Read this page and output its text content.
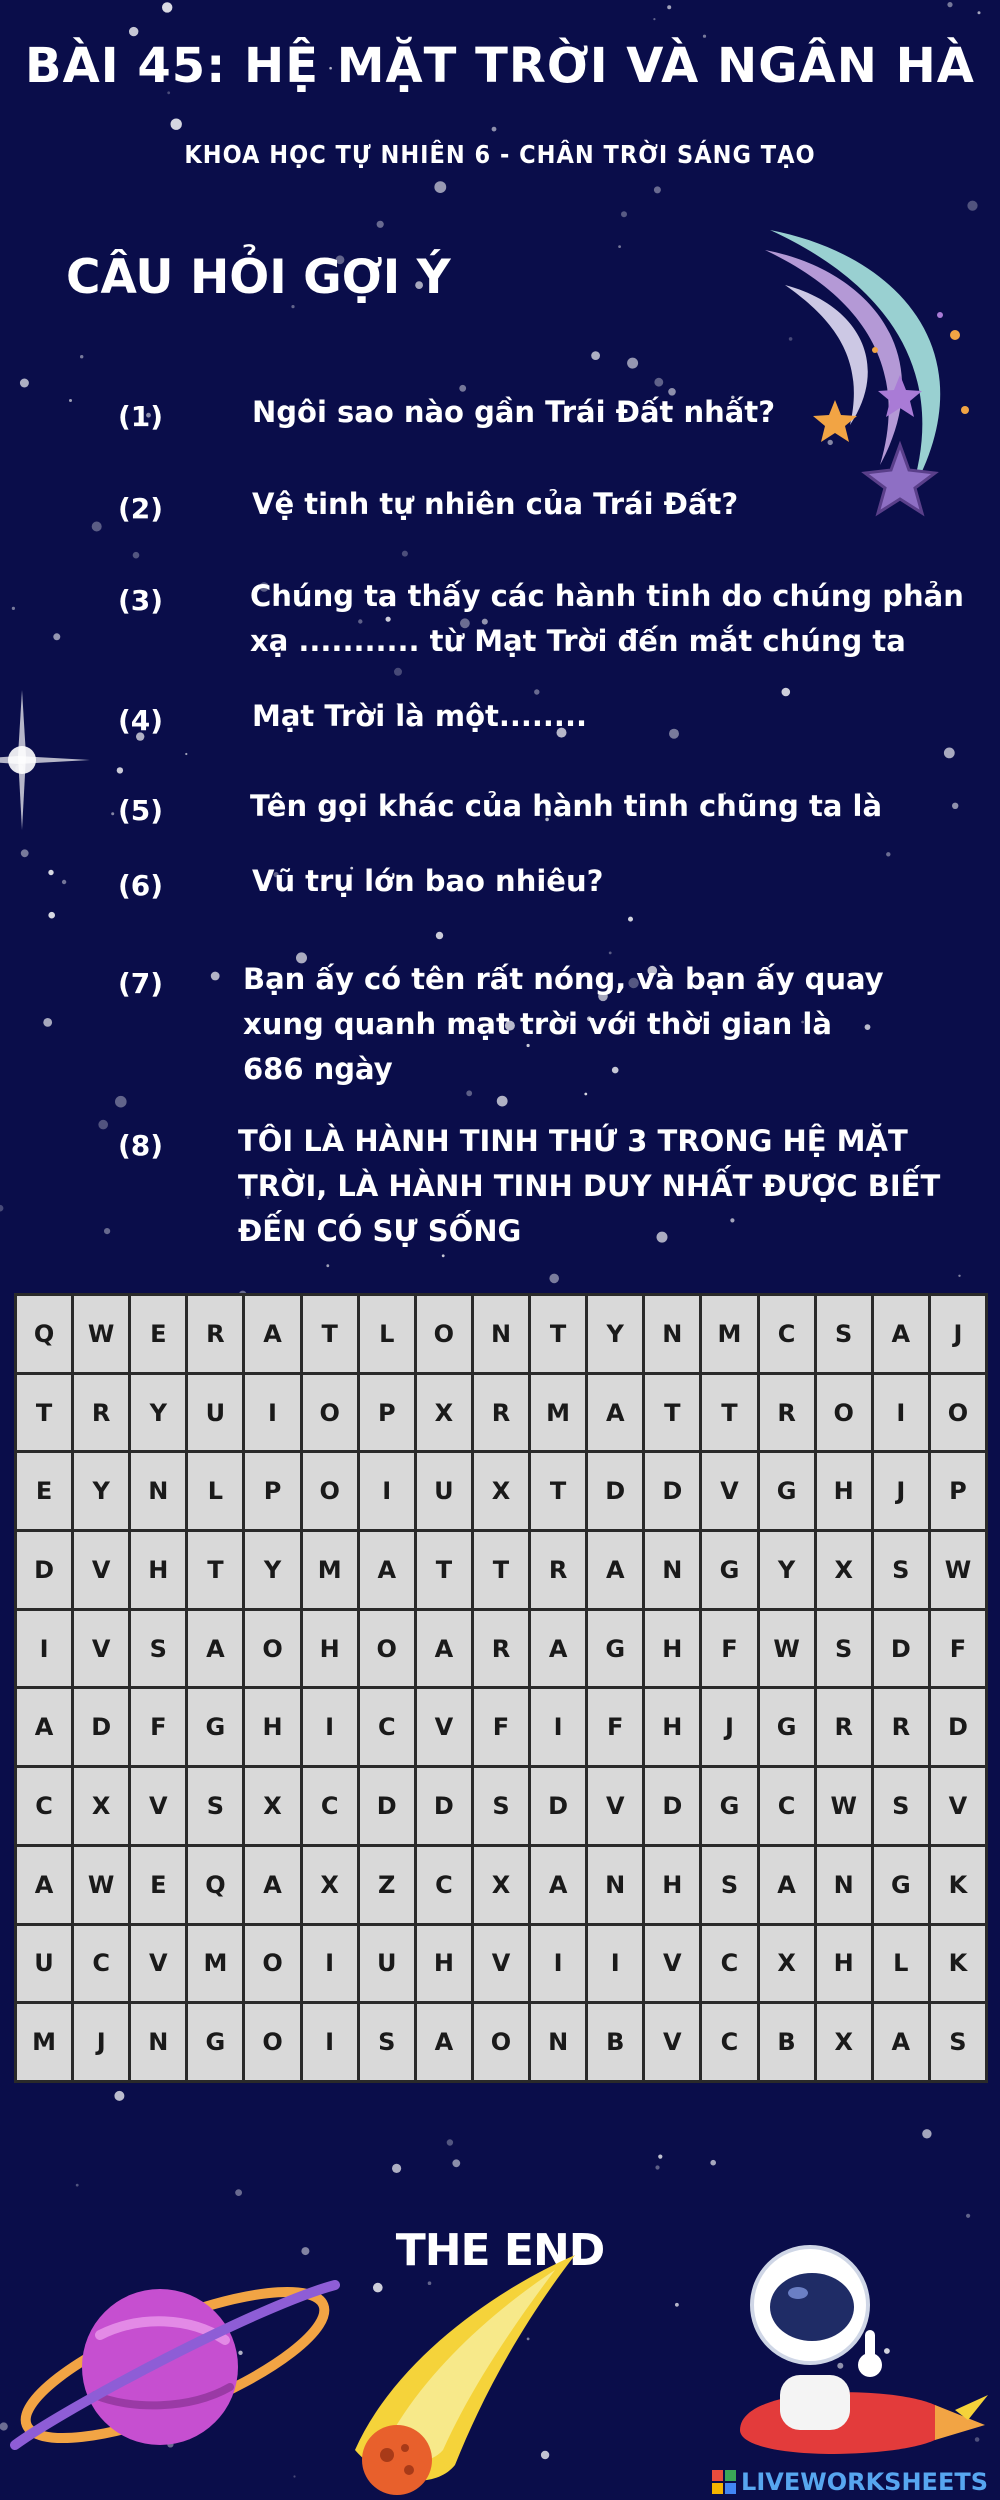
BÀI 45: HỆ MẶT TRỜI VÀ NGÂN HÀ
KHOA HỌC TỰ NHIÊN 6 - CHÂN TRỜI SÁNG TẠO
CÂU HỎI GỢI Ý
(1)	Ngôi sao nào gần Trái Đất nhất?
(2)	Vệ tinh tự nhiên của Trái Đất?
(3)	Chúng ta thấy các hành tinh do chúng phản
xạ ........... từ Mạt Trời đến mắt chúng ta
(4)	Mạt Trời là một........
(5)	Tên gọi khác của hành tinh chũng ta là
(6)	Vũ trụ lớn bao nhiêu?
(7)	Bạn ấy có tên rất nóng, và bạn ấy quay
xung quanh mạt trời với thời gian là
686 ngày
(8)	TÔI LÀ HÀNH TINH THỨ 3 TRONG HỆ MẶT
TRỜI, LÀ HÀNH TINH DUY NHẤT ĐƯỢC BIẾT
ĐẾN CÓ SỰ SỐNG
Q	W	E	R	A	T	L	O	N	T	Y	N	M	C	S	A	J
T	R	Y	U	I	O	P	X	R	M	A	T	T	R	O	I	O
E	Y	N	L	P	O	I	U	X	T	D	D	V	G	H	J	P
D	V	H	T	Y	M	A	T	T	R	A	N	G	Y	X	S	W
I	V	S	A	O	H	O	A	R	A	G	H	F	W	S	D	F
A	D	F	G	H	I	C	V	F	I	F	H	J	G	R	R	D
C	X	V	S	X	C	D	D	S	D	V	D	G	C	W	S	V
A	W	E	Q	A	X	Z	C	X	A	N	H	S	A	N	G	K
U	C	V	M	O	I	U	H	V	I	I	V	C	X	H	L	K
M	J	N	G	O	I	S	A	O	N	B	V	C	B	X	A	S
THE END
LIVEWORKSHEETS
